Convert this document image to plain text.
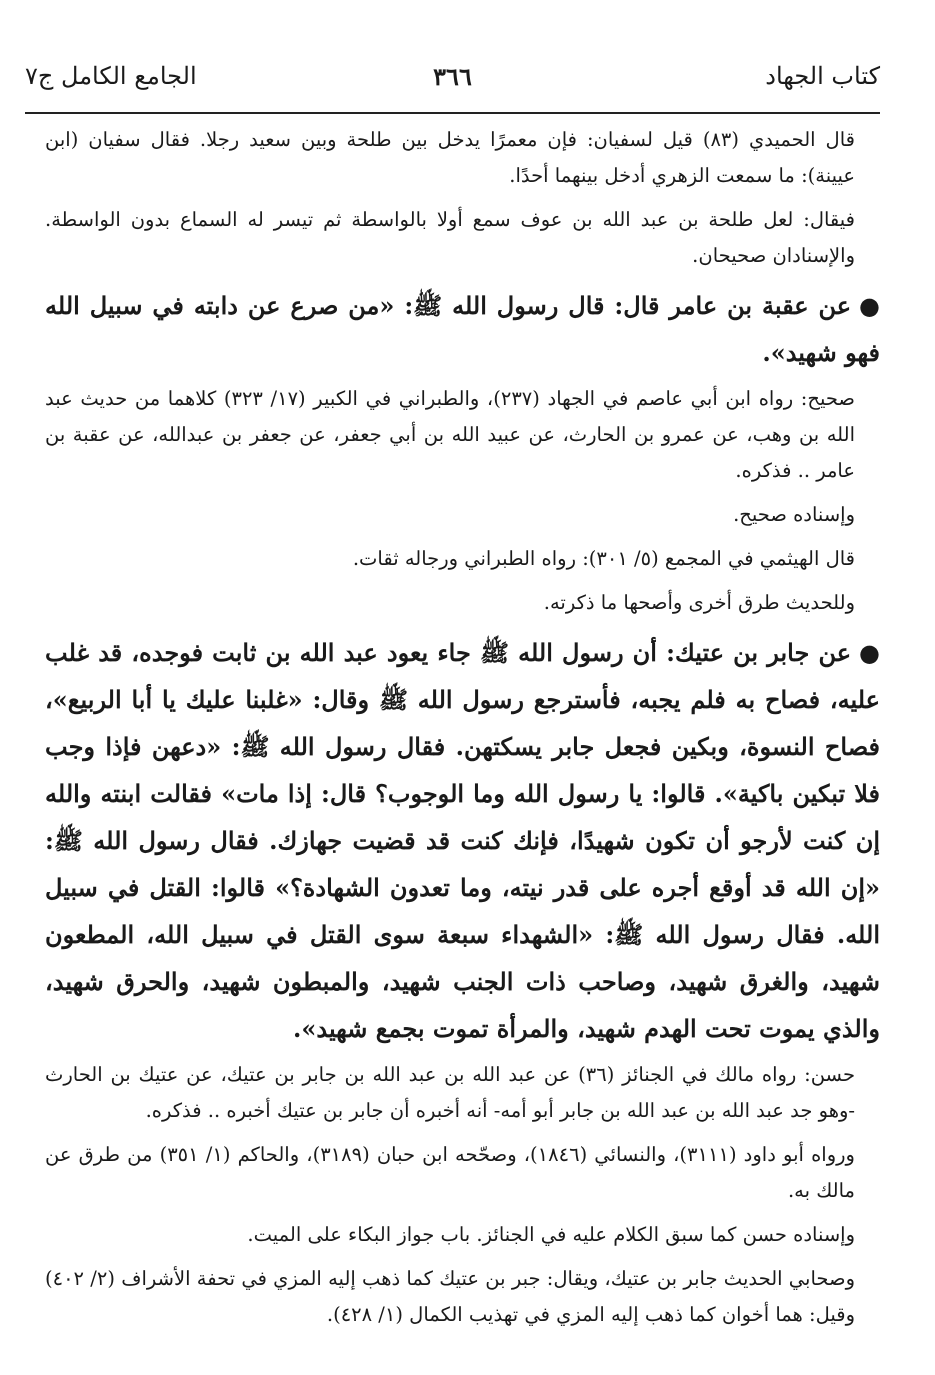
كتاب الجهاد
٣٦٦
الجامع الكامل ج٧

قال الحميدي (٨٣) قيل لسفيان: فإن معمرًا يدخل بين طلحة وبين سعيد رجلا. فقال سفيان (ابن عيينة): ما سمعت الزهري أدخل بينهما أحدًا.

فيقال: لعل طلحة بن عبد الله بن عوف سمع أولا بالواسطة ثم تيسر له السماع بدون الواسطة. والإسنادان صحيحان.

●عن عقبة بن عامر قال: قال رسول الله ﷺ: «من صرع عن دابته في سبيل الله فهو شهيد».

صحيح: رواه ابن أبي عاصم في الجهاد (٢٣٧)، والطبراني في الكبير (١٧/ ٣٢٣) كلاهما من حديث عبد الله بن وهب، عن عمرو بن الحارث، عن عبيد الله بن أبي جعفر، عن جعفر بن عبدالله، عن عقبة بن عامر .. فذكره.

وإسناده صحيح.

قال الهيثمي في المجمع (٥/ ٣٠١): رواه الطبراني ورجاله ثقات.

وللحديث طرق أخرى وأصحها ما ذكرته.

●عن جابر بن عتيك: أن رسول الله ﷺ جاء يعود عبد الله بن ثابت فوجده، قد غلب عليه، فصاح به فلم يجبه، فأسترجع رسول الله ﷺ وقال: «غلبنا عليك يا أبا الربيع»، فصاح النسوة، وبكين فجعل جابر يسكتهن. فقال رسول الله ﷺ: «دعهن فإذا وجب فلا تبكين باكية». قالوا: يا رسول الله وما الوجوب؟ قال: إذا مات» فقالت ابنته والله إن كنت لأرجو أن تكون شهيدًا، فإنك كنت قد قضيت جهازك. فقال رسول الله ﷺ: «إن الله قد أوقع أجره على قدر نيته، وما تعدون الشهادة؟» قالوا: القتل في سبيل الله. فقال رسول الله ﷺ: «الشهداء سبعة سوى القتل في سبيل الله، المطعون شهيد، والغرق شهيد، وصاحب ذات الجنب شهيد، والمبطون شهيد، والحرق شهيد، والذي يموت تحت الهدم شهيد، والمرأة تموت بجمع شهيد».

حسن: رواه مالك في الجنائز (٣٦) عن عبد الله بن عبد الله بن جابر بن عتيك، عن عتيك بن الحارث -وهو جد عبد الله بن عبد الله بن جابر أبو أمه- أنه أخبره أن جابر بن عتيك أخبره .. فذكره.

ورواه أبو داود (٣١١١)، والنسائي (١٨٤٦)، وصحّحه ابن حبان (٣١٨٩)، والحاكم (١/ ٣٥١) من طرق عن مالك به.

وإسناده حسن كما سبق الكلام عليه في الجنائز. باب جواز البكاء على الميت.

وصحابي الحديث جابر بن عتيك، ويقال: جبر بن عتيك كما ذهب إليه المزي في تحفة الأشراف (٢/ ٤٠٢) وقيل: هما أخوان كما ذهب إليه المزي في تهذيب الكمال (١/ ٤٢٨).
